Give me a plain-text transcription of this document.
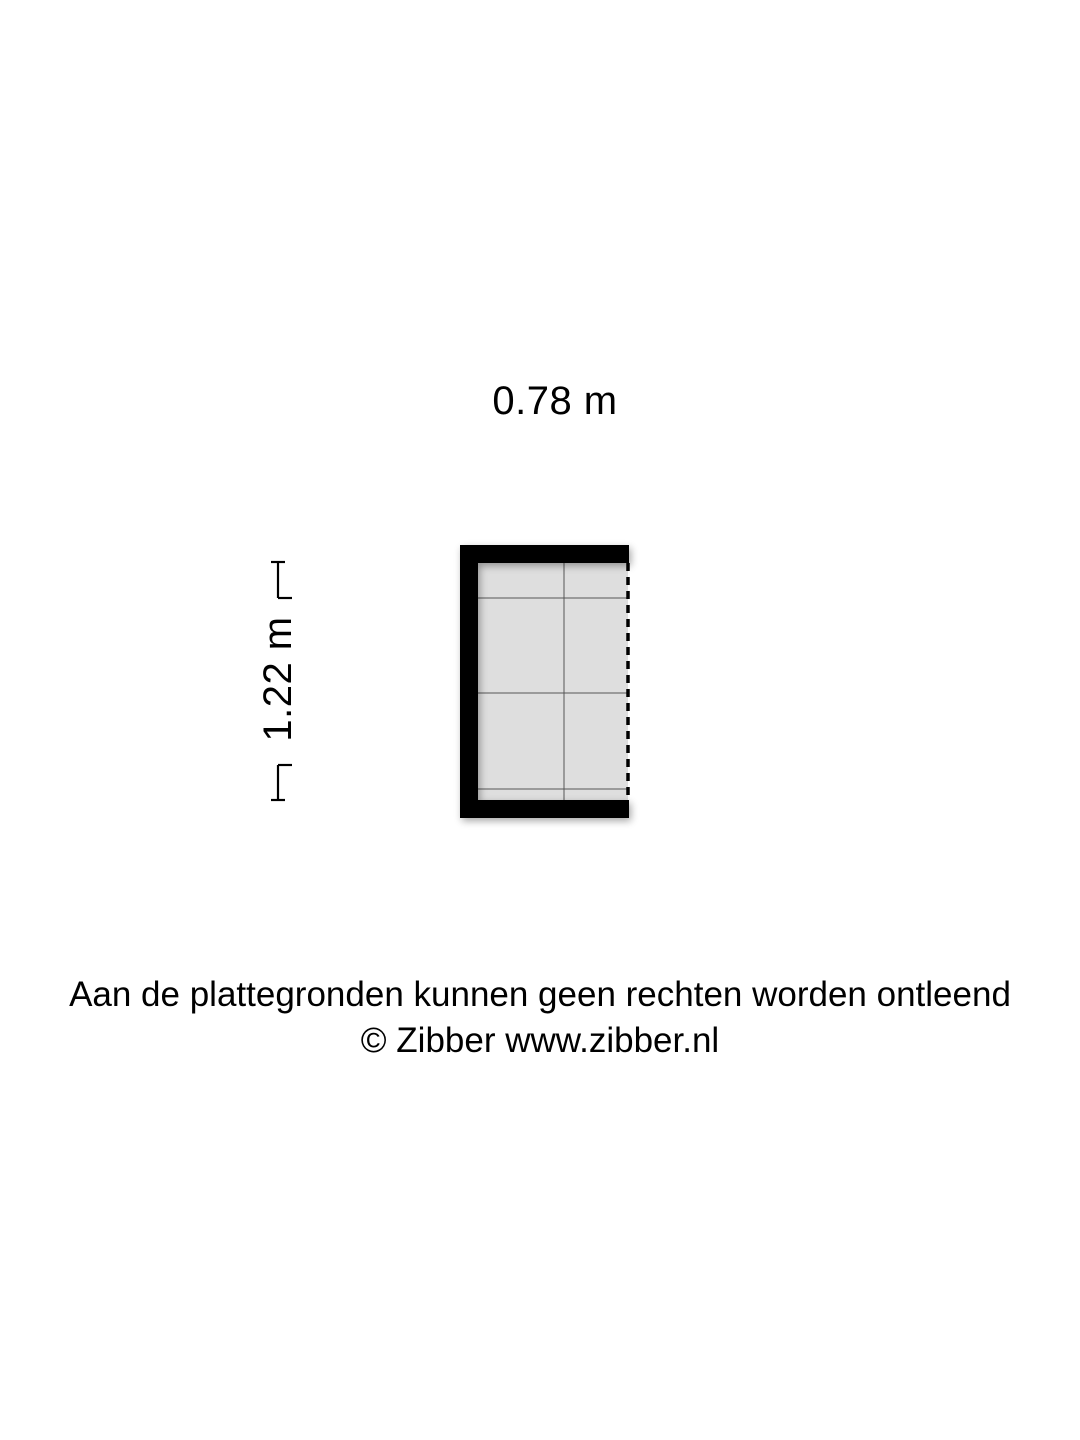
0.78 m
1.22 m
Aan de plattegronden kunnen geen rechten worden ontleend
© Zibber www.zibber.nl
